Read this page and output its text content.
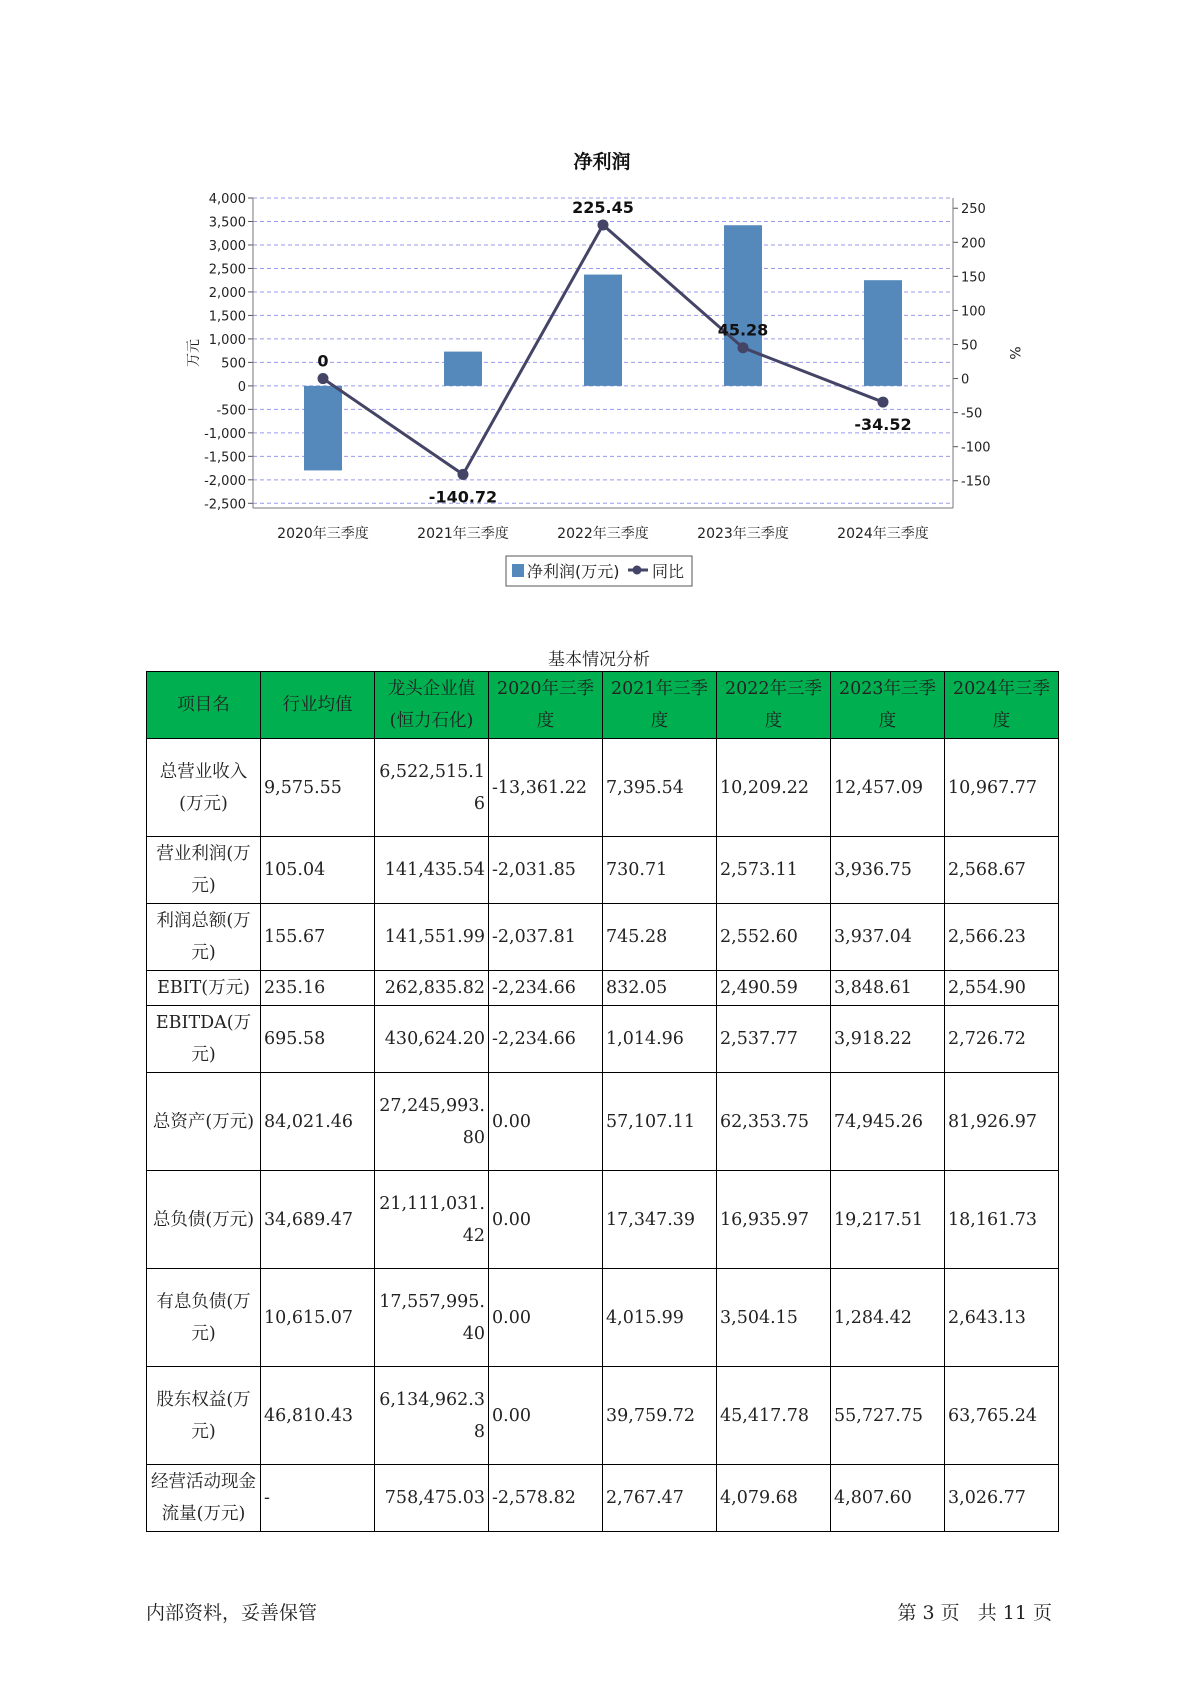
净利润
4,000
3,500
3,000
2,500
2,000
1,500
1,000
500
0
-500
-1,000
-1,500
-2,000
-2,500
250
200
150
100
50
0
-50
-100
-150
0
-140.72
225.45
45.28
-34.52
2020年三季度	2021年三季度	2022年三季度	2023年三季度	2024年三季度
万元	%
净利润(万元) 同比
基本情况分析
项目名	行业均值	龙头企业值(恒力石化)	2020年三季度	2021年三季度	2022年三季度	2023年三季度	2024年三季度
总营业收入(万元)	9,575.55	6,522,515.16	-13,361.22	7,395.54	10,209.22	12,457.09	10,967.77
营业利润(万元)	105.04	141,435.54	-2,031.85	730.71	2,573.11	3,936.75	2,568.67
利润总额(万元)	155.67	141,551.99	-2,037.81	745.28	2,552.60	3,937.04	2,566.23
EBIT(万元)	235.16	262,835.82	-2,234.66	832.05	2,490.59	3,848.61	2,554.90
EBITDA(万元)	695.58	430,624.20	-2,234.66	1,014.96	2,537.77	3,918.22	2,726.72
总资产(万元)	84,021.46	27,245,993.80	0.00	57,107.11	62,353.75	74,945.26	81,926.97
总负债(万元)	34,689.47	21,111,031.42	0.00	17,347.39	16,935.97	19,217.51	18,161.73
有息负债(万元)	10,615.07	17,557,995.40	0.00	4,015.99	3,504.15	1,284.42	2,643.13
股东权益(万元)	46,810.43	6,134,962.38	0.00	39,759.72	45,417.78	55,727.75	63,765.24
经营活动现金流量(万元)	-	758,475.03	-2,578.82	2,767.47	4,079.68	4,807.60	3,026.77
内部资料，妥善保管	第 3 页   共 11 页
